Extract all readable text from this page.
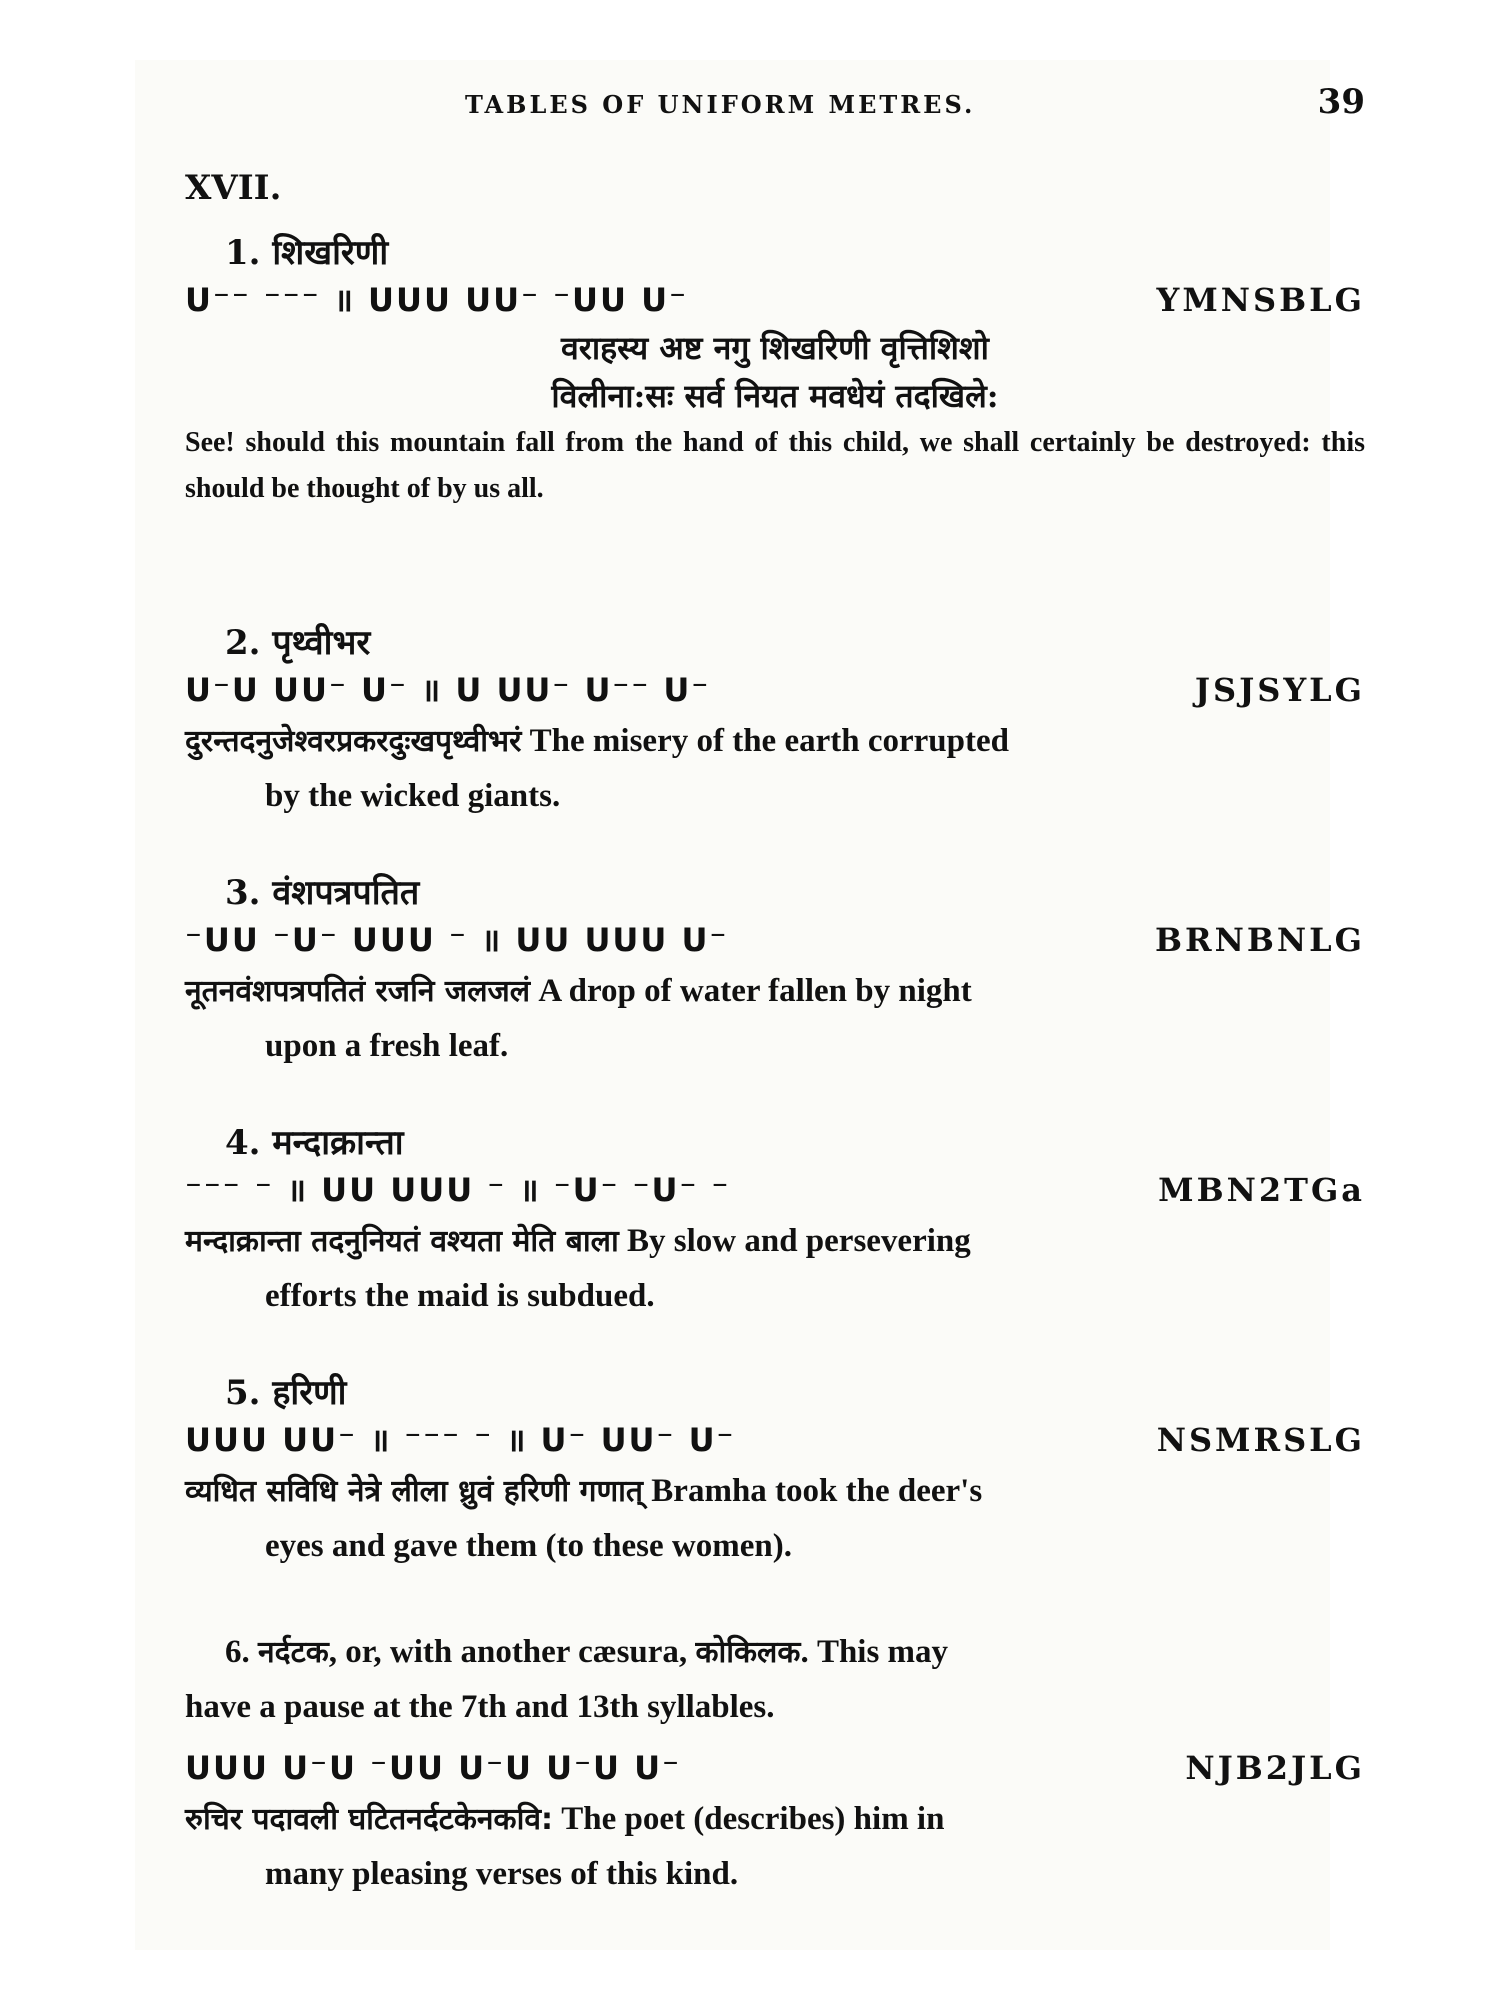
TABLES OF UNIFORM METRES.	39
XVII.
1. शिखरिणी
U⁻⁻ ⁻⁻⁻ ॥ UUU UU⁻ ⁻UU U⁻	YMNSBLG
वराहस्य अष्ट नगु शिखरिणी वृत्तिशिशो
विलीना:सः सर्व नियत मवधेयं तदखिले:
See! should this mountain fall from the hand of this child, we shall certainly be destroyed: this should be thought of by us all.
2. पृथ्वीभर
U⁻U UU⁻ U⁻ ॥ U UU⁻ U⁻⁻ U⁻	JSJSYLG
दुरन्तदनुजेश्वरप्रकरदुःखपृथ्वीभरं The misery of the earth corrupted
by the wicked giants.
3. वंशपत्रपतित
⁻UU ⁻U⁻ UUU ⁻ ॥ UU UUU U⁻	BRNBNLG
नूतनवंशपत्रपतितं रजनि जलजलं A drop of water fallen by night
upon a fresh leaf.
4. मन्दाक्रान्ता
⁻⁻⁻ ⁻ ॥ UU UUU ⁻ ॥ ⁻U⁻ ⁻U⁻ ⁻	MBN2TGa
मन्दाक्रान्ता तदनुनियतं वश्यता मेति बाला By slow and persevering
efforts the maid is subdued.
5. हरिणी
UUU UU⁻ ॥ ⁻⁻⁻ ⁻ ॥ U⁻ UU⁻ U⁻	NSMRSLG
व्यधित सविधि नेत्रे लीला ध्रुवं हरिणी गणात् Bramha took the deer's
eyes and gave them (to these women).
6. नर्दटक, or, with another cæsura, कोकिलक. This may
have a pause at the 7th and 13th syllables.
UUU U⁻U ⁻UU U⁻U U⁻U U⁻	NJB2JLG
रुचिर पदावली घटितनर्दटकेनकवि: The poet (describes) him in
many pleasing verses of this kind.
